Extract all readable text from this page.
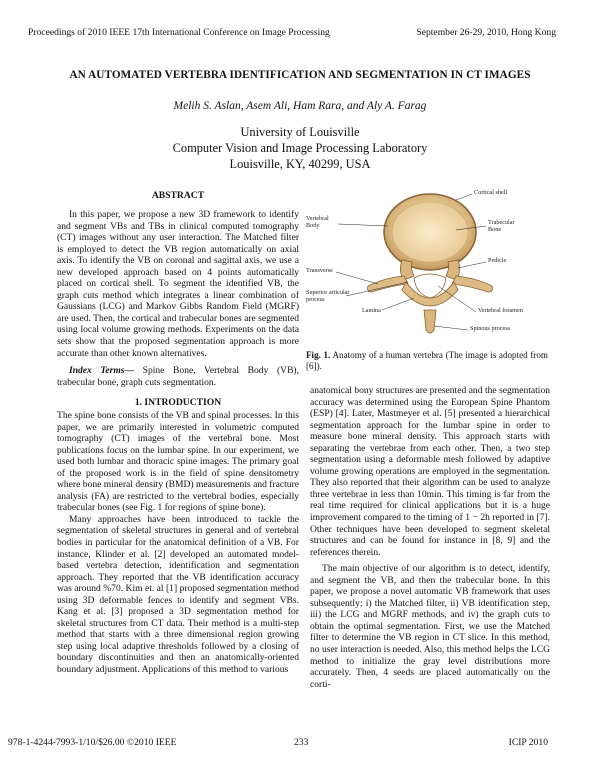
Proceedings of 2010 IEEE 17th International Conference on Image Processing	September 26-29, 2010, Hong Kong
AN AUTOMATED VERTEBRA IDENTIFICATION AND SEGMENTATION IN CT IMAGES
Melih S. Aslan, Asem Ali, Ham Rara, and Aly A. Farag
University of Louisville
Computer Vision and Image Processing Laboratory
Louisville, KY, 40299, USA
ABSTRACT

In this paper, we propose a new 3D framework to identify and segment VBs and TBs in clinical computed tomography (CT) images without any user interaction. The Matched filter is employed to detect the VB region automatically on axial axis. To identify the VB on coronal and sagittal axis, we use a new developed approach based on 4 points automatically placed on cortical shell. To segment the identified VB, the graph cuts method which integrates a linear combination of Gaussians (LCG) and Markov Gibbs Random Field (MGRF) are used. Then, the cortical and trabecular bones are segmented using local volume growing methods. Experiments on the data sets show that the proposed segmentation approach is more accurate than other known alternatives.

Index Terms— Spine Bone, Vertebral Body (VB), trabecular bone, graph cuts segmentation.

1. INTRODUCTION

The spine bone consists of the VB and spinal processes. In this paper, we are primarily interested in volumetric computed tomography (CT) images of the vertebral bone. Most publications focus on the lumbar spine. In our experiment, we used both lumbar and thoracic spine images. The primary goal of the proposed work is in the field of spine densitometry where bone mineral density (BMD) measurements and fracture analysis (FA) are restricted to the vertebral bodies, especially trabecular bones (see Fig. 1 for regions of spine bone).

Many approaches have been introduced to tackle the segmentation of skeletal structures in general and of vertebral bodies in particular for the anatomical definition of a VB. For instance, Klinder et al. [2] developed an automated model-based vertebra detection, identification and segmentation approach. They reported that the VB identification accuracy was around %70. Kim et. al [1] proposed segmentation method using 3D deformable fences to identify and segment VBs. Kang et al. [3] proposed a 3D segmentation method for skeletal structures from CT data. Their method is a multi-step method that starts with a three dimensional region growing step using local adaptive thresholds followed by a closing of boundary discontinuities and then an anatomically-oriented boundary adjustment. Applications of this method to various

Cortical shell
Vertebral Body	Trabecular Bone
Pedicle
Transverse
Superior articular process
Lamina	Vertebral foramen
Spinous process
Fig. 1. Anatomy of a human vertebra (The image is adopted from [6]).

anatomical bony structures are presented and the segmentation accuracy was determined using the European Spine Phantom (ESP) [4]. Later, Mastmeyer et al. [5] presented a hierarchical segmentation approach for the lumbar spine in order to measure bone mineral density. This approach starts with separating the vertebrae from each other. Then, a two step segmentation using a deformable mesh followed by adaptive volume growing operations are employed in the segmentation. They also reported that their algorithm can be used to analyze three vertebrae in less than 10min. This timing is far from the real time required for clinical applications but it is a huge improvement compared to the timing of 1 − 2h reported in [7]. Other techniques have been developed to segment skeletal structures and can be found for instance in [8, 9] and the references therein.

The main objective of our algorithm is to detect, identify, and segment the VB, and then the trabecular bone. In this paper, we propose a novel automatic VB framework that uses subsequently; i) the Matched filter, ii) VB identification step, iii) the LCG and MGRF methods, and iv) the graph cuts to obtain the optimal segmentation. First, we use the Matched filter to determine the VB region in CT slice. In this method, no user interaction is needed. Also, this method helps the LCG method to initialize the gray level distributions more accurately. Then, 4 seeds are placed automatically on the corti-

978-1-4244-7993-1/10/$26.00 ©2010 IEEE	233	ICIP 2010
